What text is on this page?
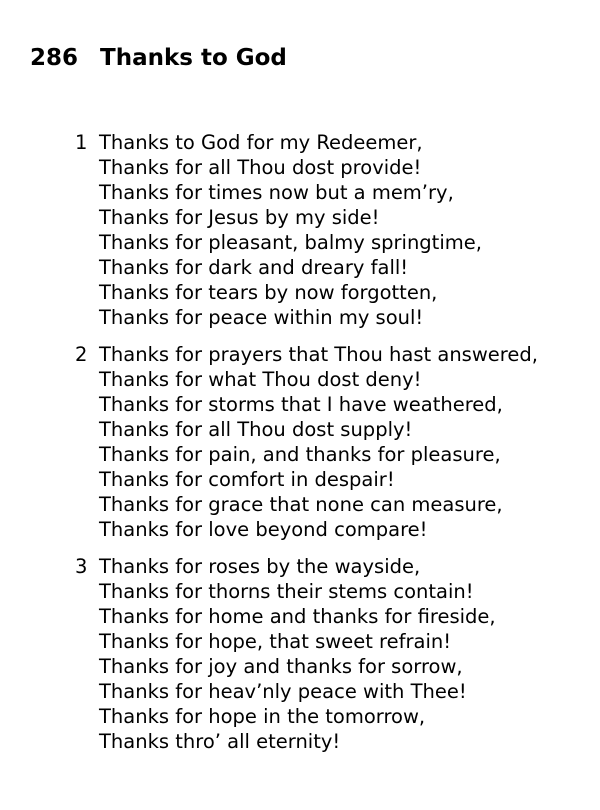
286 Thanks to God
1 Thanks to God for my Redeemer,
Thanks for all Thou dost provide!
Thanks for times now but a mem’ry,
Thanks for Jesus by my side!
Thanks for pleasant, balmy springtime,
Thanks for dark and dreary fall!
Thanks for tears by now forgotten,
Thanks for peace within my soul!
2 Thanks for prayers that Thou hast answered,
Thanks for what Thou dost deny!
Thanks for storms that I have weathered,
Thanks for all Thou dost supply!
Thanks for pain, and thanks for pleasure,
Thanks for comfort in despair!
Thanks for grace that none can measure,
Thanks for love beyond compare!
3 Thanks for roses by the wayside,
Thanks for thorns their stems contain!
Thanks for home and thanks for fireside,
Thanks for hope, that sweet refrain!
Thanks for joy and thanks for sorrow,
Thanks for heav’nly peace with Thee!
Thanks for hope in the tomorrow,
Thanks thro’ all eternity!
